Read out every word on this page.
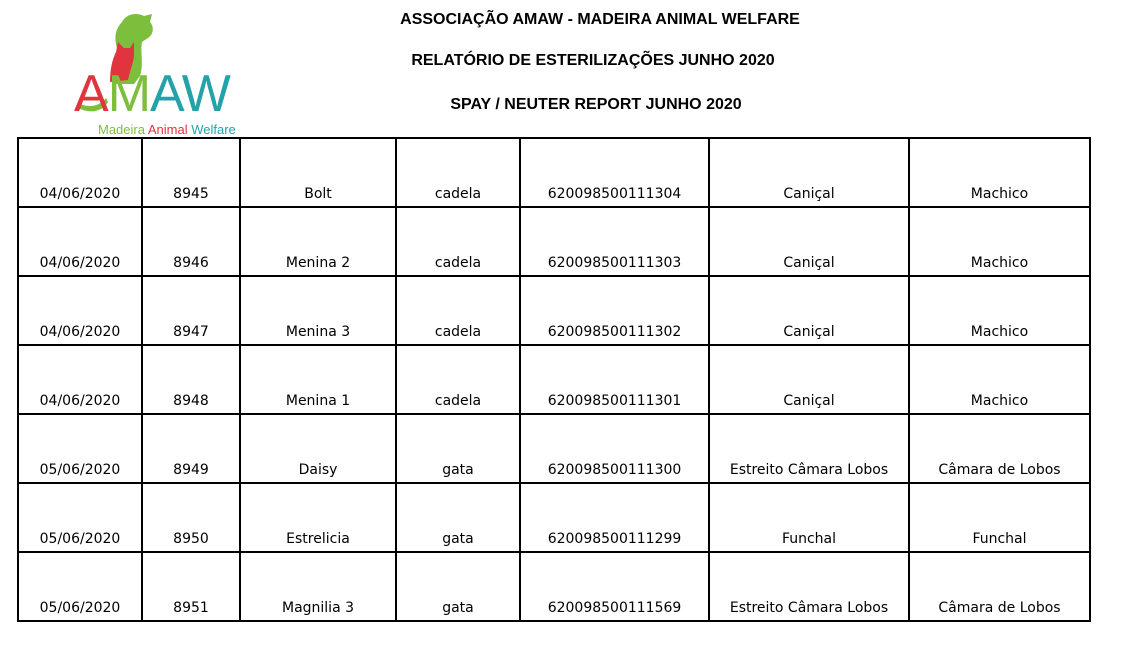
AMAW
Madeira Animal Welfare
ASSOCIAÇÃO AMAW - MADEIRA ANIMAL WELFARE
RELATÓRIO DE ESTERILIZAÇÕES JUNHO 2020
SPAY / NEUTER REPORT JUNHO 2020
04/06/2020	8945	Bolt	cadela	620098500111304	Caniçal	Machico
04/06/2020	8946	Menina 2	cadela	620098500111303	Caniçal	Machico
04/06/2020	8947	Menina 3	cadela	620098500111302	Caniçal	Machico
04/06/2020	8948	Menina 1	cadela	620098500111301	Caniçal	Machico
05/06/2020	8949	Daisy	gata	620098500111300	Estreito Câmara Lobos	Câmara de Lobos
05/06/2020	8950	Estrelicia	gata	620098500111299	Funchal	Funchal
05/06/2020	8951	Magnilia 3	gata	620098500111569	Estreito Câmara Lobos	Câmara de Lobos
